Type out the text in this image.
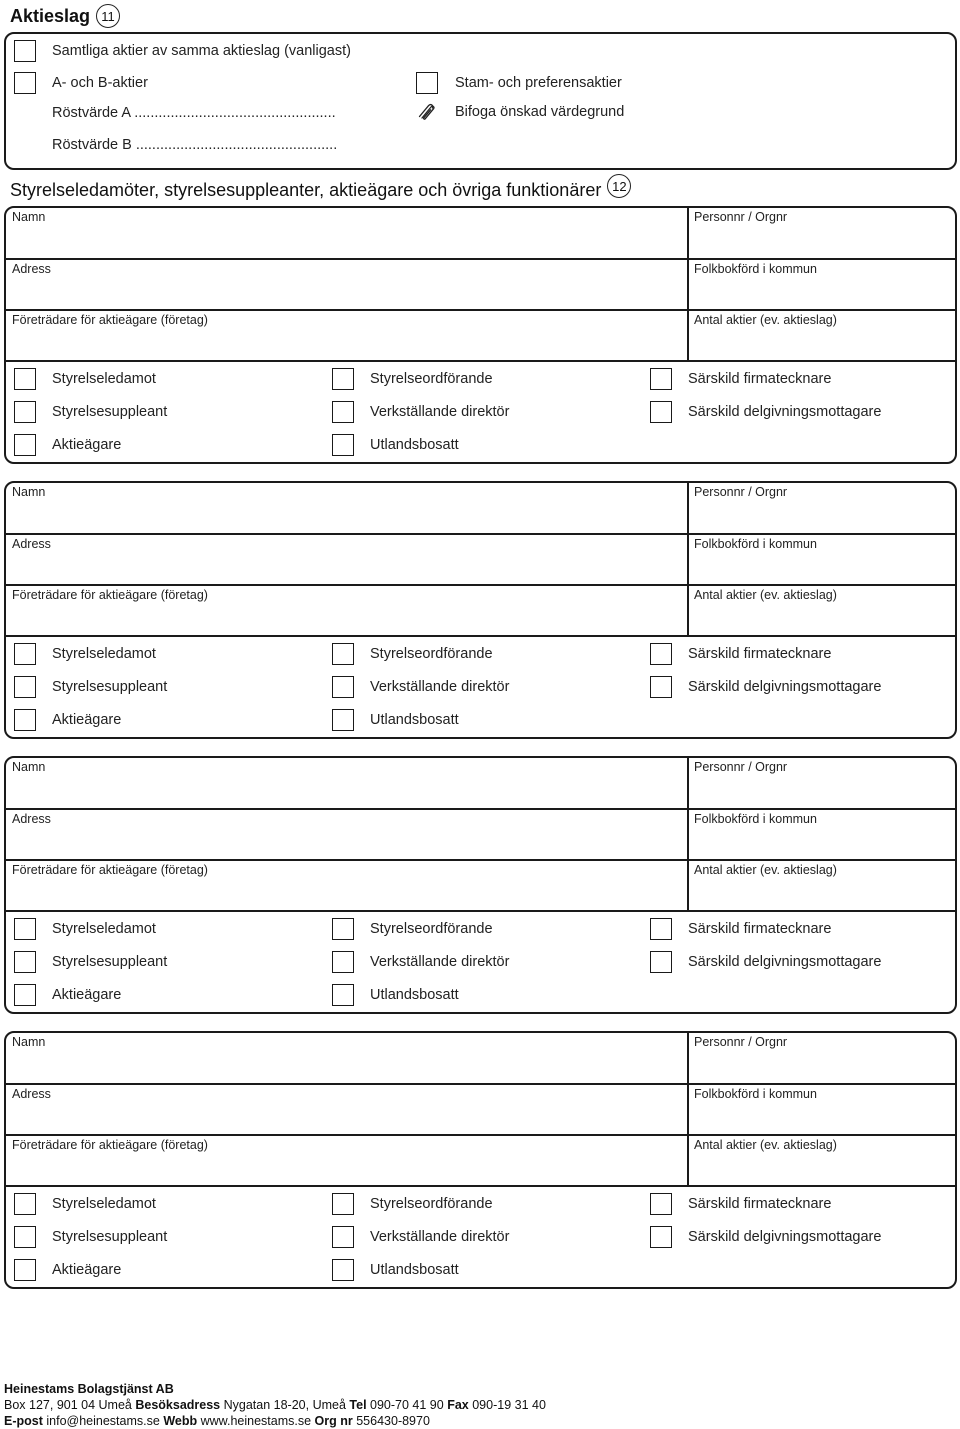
Aktieslag 11
Samtliga aktier av samma aktieslag (vanligast)
A- och B-aktier
Röstvärde A ..................................................
Röstvärde B ..................................................
Stam- och preferensaktier
Bifoga önskad värdegrund
Styrelseledamöter, styrelsesuppleanter, aktieägare och övriga funktionärer 12
Namn	Personnr / Orgnr
Adress	Folkbokförd i kommun
Företrädare för aktieägare (företag)	Antal aktier (ev. aktieslag)
Styrelseledamot	Styrelseordförande	Särskild firmatecknare
Styrelsesuppleant	Verkställande direktör	Särskild delgivningsmottagare
Aktieägare	Utlandsbosatt
Namn	Personnr / Orgnr
Adress	Folkbokförd i kommun
Företrädare för aktieägare (företag)	Antal aktier (ev. aktieslag)
Styrelseledamot	Styrelseordförande	Särskild firmatecknare
Styrelsesuppleant	Verkställande direktör	Särskild delgivningsmottagare
Aktieägare	Utlandsbosatt
Namn	Personnr / Orgnr
Adress	Folkbokförd i kommun
Företrädare för aktieägare (företag)	Antal aktier (ev. aktieslag)
Styrelseledamot	Styrelseordförande	Särskild firmatecknare
Styrelsesuppleant	Verkställande direktör	Särskild delgivningsmottagare
Aktieägare	Utlandsbosatt
Namn	Personnr / Orgnr
Adress	Folkbokförd i kommun
Företrädare för aktieägare (företag)	Antal aktier (ev. aktieslag)
Styrelseledamot	Styrelseordförande	Särskild firmatecknare
Styrelsesuppleant	Verkställande direktör	Särskild delgivningsmottagare
Aktieägare	Utlandsbosatt
Heinestams Bolagstjänst AB
Box 127, 901 04 Umeå Besöksadress Nygatan 18-20, Umeå Tel 090-70 41 90 Fax 090-19 31 40
E-post info@heinestams.se Webb www.heinestams.se Org nr 556430-8970
